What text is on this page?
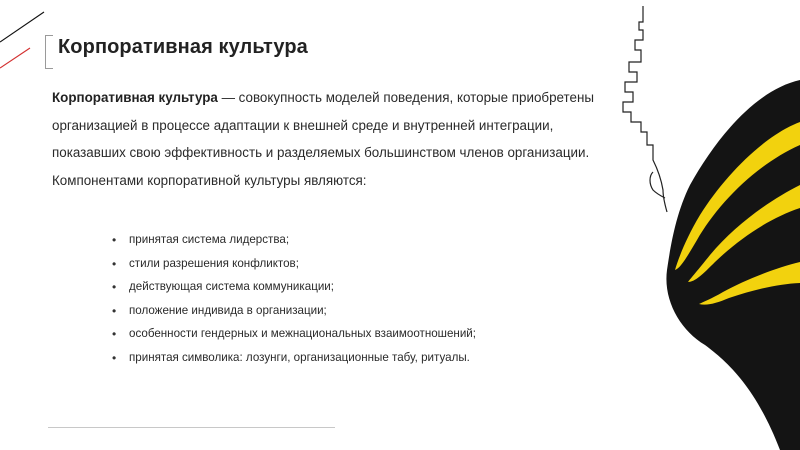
Корпоративная культура

Корпоративная культура — совокупность моделей поведения, которые приобретены организацией в процессе адаптации к внешней среде и внутренней интеграции, показавших свою эффективность и разделяемых большинством членов организации. Компонентами корпоративной культуры являются:

• принятая система лидерства;
• стили разрешения конфликтов;
• действующая система коммуникации;
• положение индивида в организации;
• особенности гендерных и межнациональных взаимоотношений;
• принятая символика: лозунги, организационные табу, ритуалы.
